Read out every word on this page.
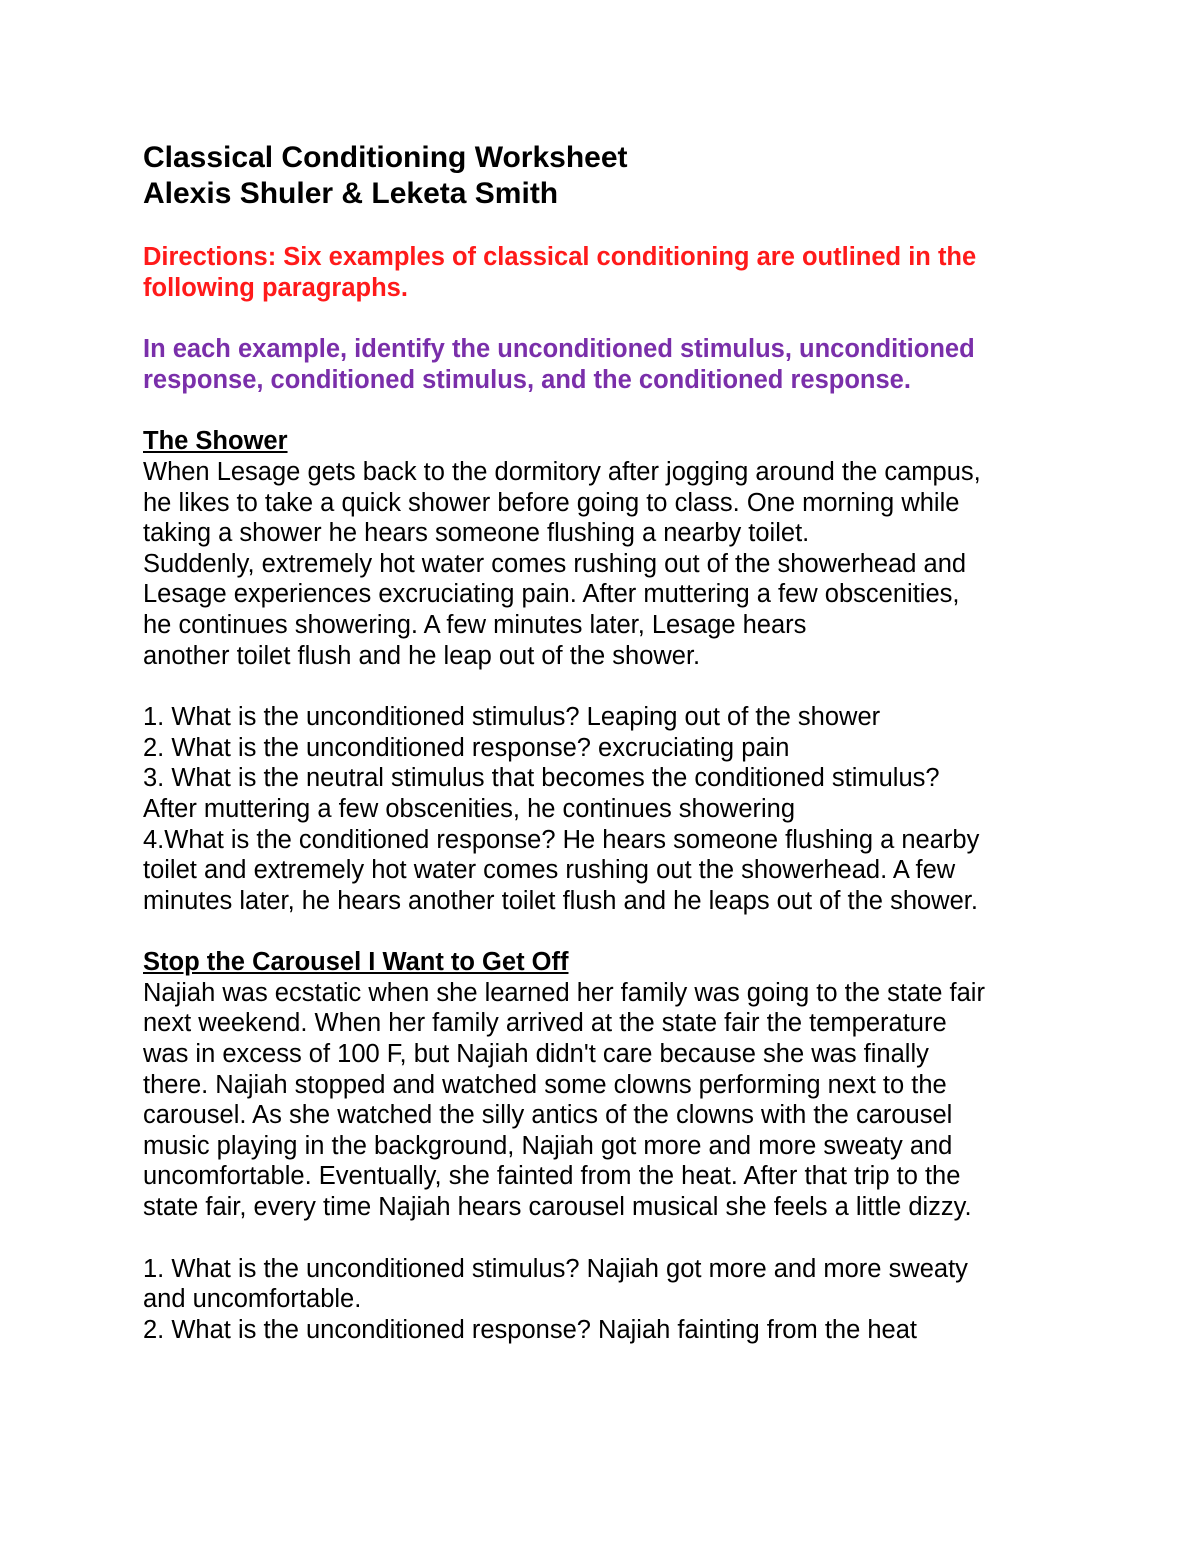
Classical Conditioning Worksheet

Alexis Shuler & Leketa Smith

Directions: Six examples of classical conditioning are outlined in the
following paragraphs.

In each example, identify the unconditioned stimulus, unconditioned
response, conditioned stimulus, and the conditioned response.

The Shower

When Lesage gets back to the dormitory after jogging around the campus,
he likes to take a quick shower before going to class. One morning while
taking a shower he hears someone flushing a nearby toilet.
Suddenly, extremely hot water comes rushing out of the showerhead and
Lesage experiences excruciating pain. After muttering a few obscenities,
he continues showering. A few minutes later, Lesage hears
another toilet flush and he leap out of the shower.

1. What is the unconditioned stimulus? Leaping out of the shower
2. What is the unconditioned response? excruciating pain
3. What is the neutral stimulus that becomes the conditioned stimulus?
After muttering a few obscenities, he continues showering
4.What is the conditioned response? He hears someone flushing a nearby
toilet and extremely hot water comes rushing out the showerhead. A few
minutes later, he hears another toilet flush and he leaps out of the shower.

Stop the Carousel I Want to Get Off

Najiah was ecstatic when she learned her family was going to the state fair
next weekend. When her family arrived at the state fair the temperature
was in excess of 100 F, but Najiah didn't care because she was finally
there. Najiah stopped and watched some clowns performing next to the
carousel. As she watched the silly antics of the clowns with the carousel
music playing in the background, Najiah got more and more sweaty and
uncomfortable. Eventually, she fainted from the heat. After that trip to the
state fair, every time Najiah hears carousel musical she feels a little dizzy.

1. What is the unconditioned stimulus? Najiah got more and more sweaty
and uncomfortable.
2. What is the unconditioned response? Najiah fainting from the heat
